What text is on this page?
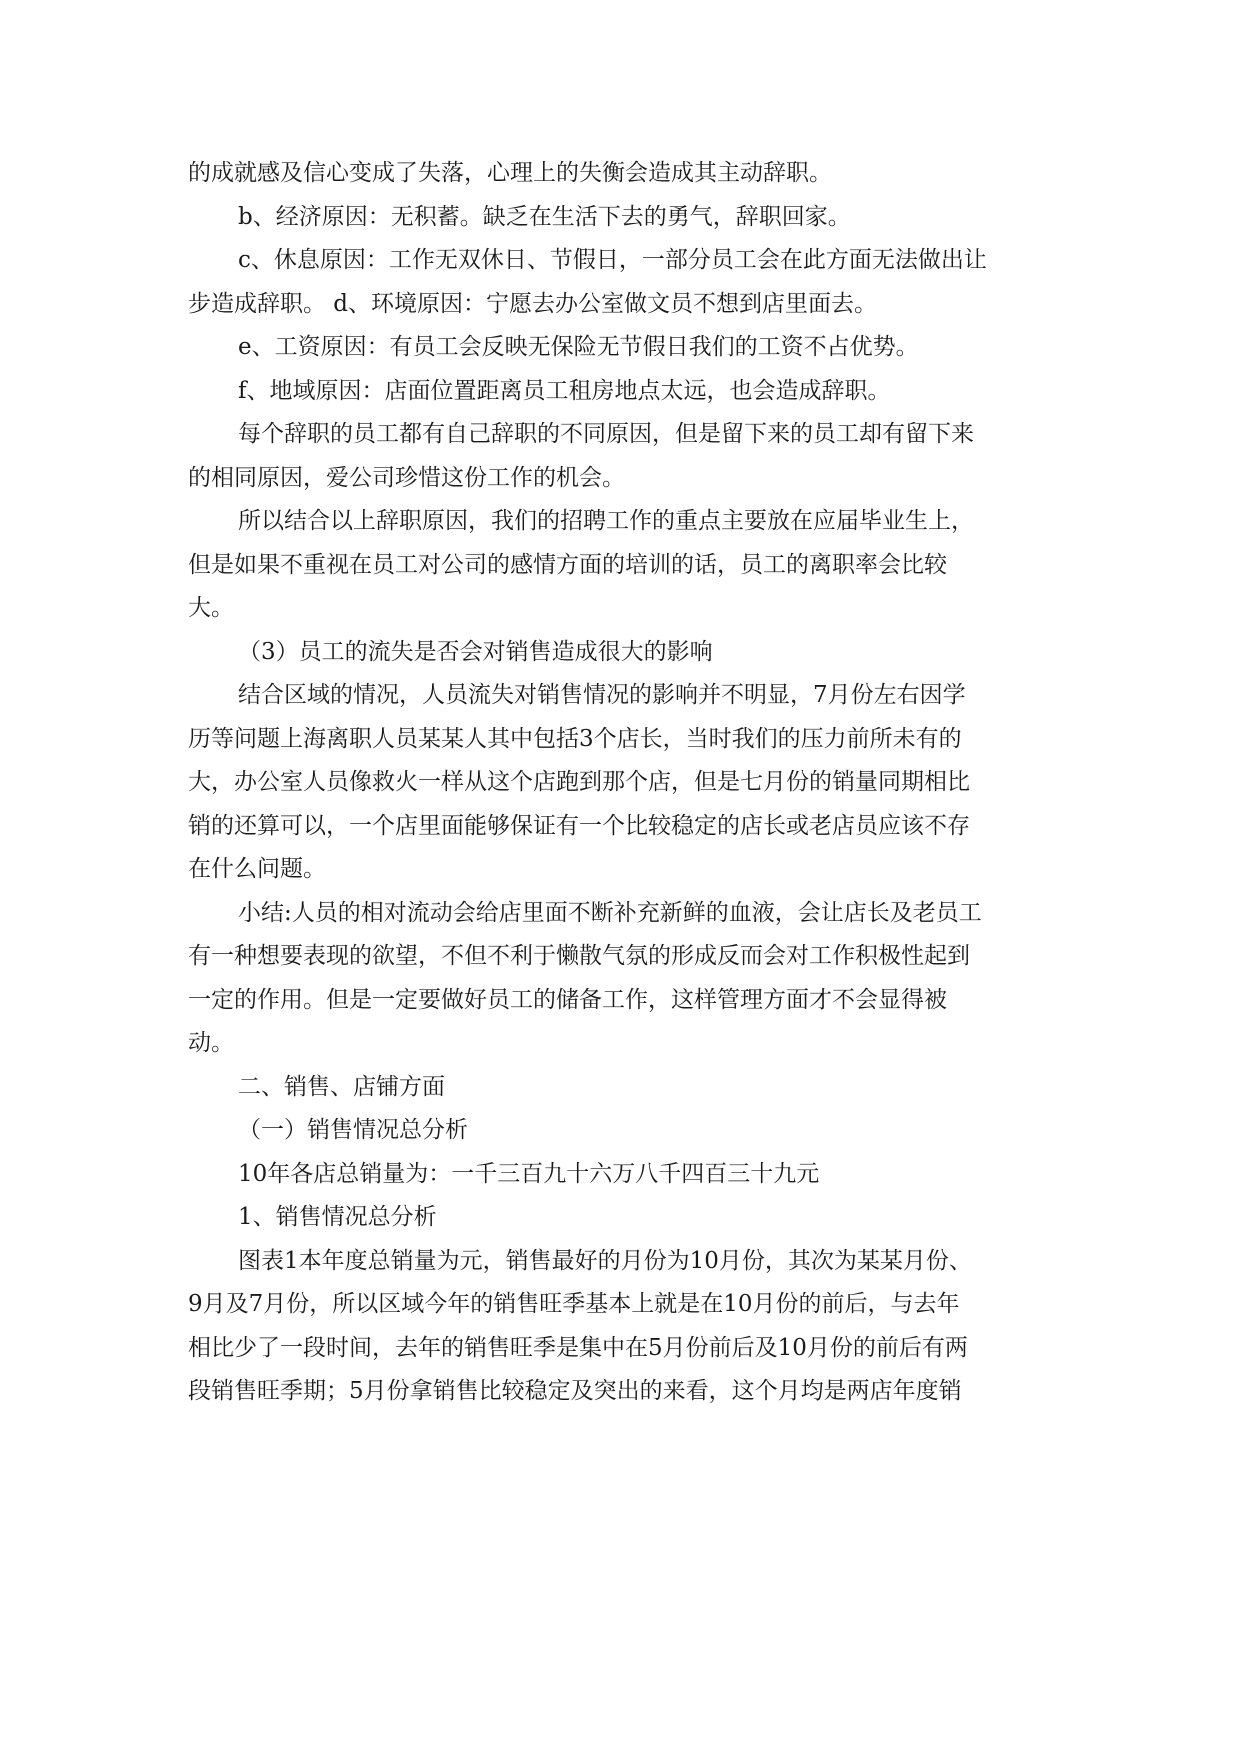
的成就感及信心变成了失落，心理上的失衡会造成其主动辞职。
b、经济原因：无积蓄。缺乏在生活下去的勇气，辞职回家。
c、休息原因：工作无双休日、节假日，一部分员工会在此方面无法做出让
步造成辞职。 d、环境原因：宁愿去办公室做文员不想到店里面去。
e、工资原因：有员工会反映无保险无节假日我们的工资不占优势。
f、地域原因：店面位置距离员工租房地点太远，也会造成辞职。
每个辞职的员工都有自己辞职的不同原因，但是留下来的员工却有留下来
的相同原因，爱公司珍惜这份工作的机会。
所以结合以上辞职原因，我们的招聘工作的重点主要放在应届毕业生上，
但是如果不重视在员工对公司的感情方面的培训的话，员工的离职率会比较
大。
（3）员工的流失是否会对销售造成很大的影响
结合区域的情况，人员流失对销售情况的影响并不明显，7月份左右因学
历等问题上海离职人员某某人其中包括3个店长，当时我们的压力前所未有的
大，办公室人员像救火一样从这个店跑到那个店，但是七月份的销量同期相比
销的还算可以，一个店里面能够保证有一个比较稳定的店长或老店员应该不存
在什么问题。
小结:人员的相对流动会给店里面不断补充新鲜的血液，会让店长及老员工
有一种想要表现的欲望，不但不利于懒散气氛的形成反而会对工作积极性起到
一定的作用。但是一定要做好员工的储备工作，这样管理方面才不会显得被
动。
二、销售、店铺方面
（一）销售情况总分析
10年各店总销量为：一千三百九十六万八千四百三十九元
1、销售情况总分析
图表1本年度总销量为元，销售最好的月份为10月份，其次为某某月份、
9月及7月份，所以区域今年的销售旺季基本上就是在10月份的前后，与去年
相比少了一段时间，去年的销售旺季是集中在5月份前后及10月份的前后有两
段销售旺季期；5月份拿销售比较稳定及突出的来看，这个月均是两店年度销
